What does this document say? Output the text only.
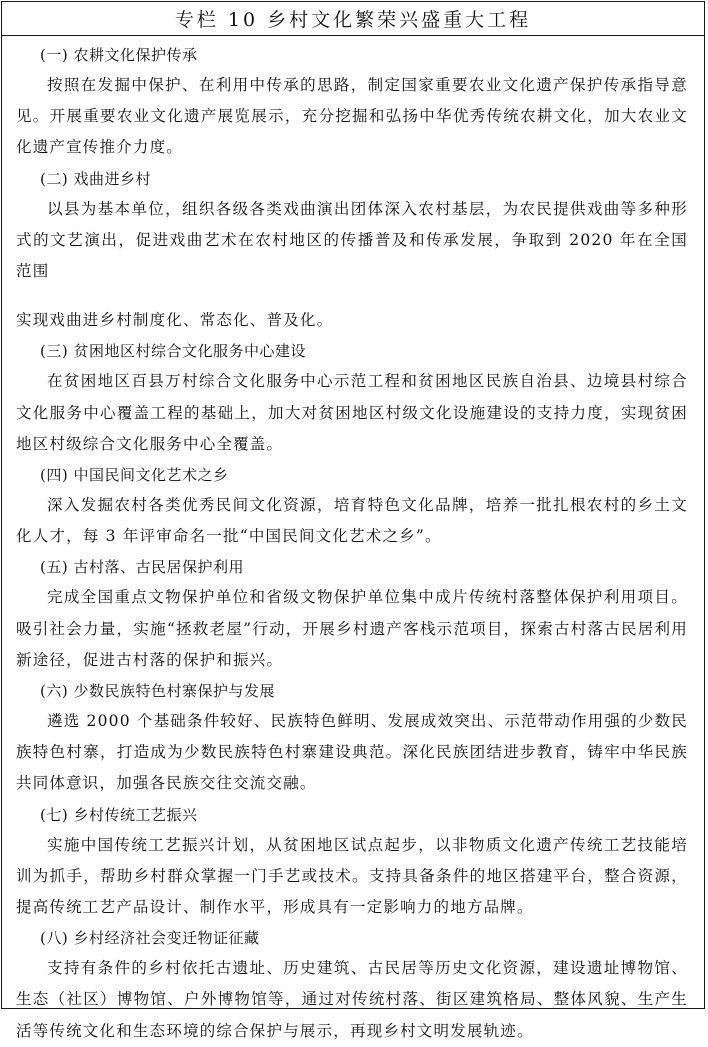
专栏 10 乡村文化繁荣兴盛重大工程
(一) 农耕文化保护传承

按照在发掘中保护、在利用中传承的思路，制定国家重要农业文化遗产保护传承指导意见。开展重要农业文化遗产展览展示，充分挖掘和弘扬中华优秀传统农耕文化，加大农业文化遗产宣传推介力度。

(二) 戏曲进乡村

以县为基本单位，组织各级各类戏曲演出团体深入农村基层，为农民提供戏曲等多种形式的文艺演出，促进戏曲艺术在农村地区的传播普及和传承发展，争取到 2020 年在全国范围

实现戏曲进乡村制度化、常态化、普及化。

(三) 贫困地区村综合文化服务中心建设

在贫困地区百县万村综合文化服务中心示范工程和贫困地区民族自治县、边境县村综合文化服务中心覆盖工程的基础上，加大对贫困地区村级文化设施建设的支持力度，实现贫困地区村级综合文化服务中心全覆盖。

(四) 中国民间文化艺术之乡

深入发掘农村各类优秀民间文化资源，培育特色文化品牌，培养一批扎根农村的乡土文化人才，每 3 年评审命名一批“中国民间文化艺术之乡”。

(五) 古村落、古民居保护利用

完成全国重点文物保护单位和省级文物保护单位集中成片传统村落整体保护利用项目。吸引社会力量，实施“拯救老屋”行动，开展乡村遗产客栈示范项目，探索古村落古民居利用新途径，促进古村落的保护和振兴。

(六) 少数民族特色村寨保护与发展

遴选 2000 个基础条件较好、民族特色鲜明、发展成效突出、示范带动作用强的少数民族特色村寨，打造成为少数民族特色村寨建设典范。深化民族团结进步教育，铸牢中华民族共同体意识，加强各民族交往交流交融。

(七) 乡村传统工艺振兴

实施中国传统工艺振兴计划，从贫困地区试点起步，以非物质文化遗产传统工艺技能培训为抓手，帮助乡村群众掌握一门手艺或技术。支持具备条件的地区搭建平台，整合资源，提高传统工艺产品设计、制作水平，形成具有一定影响力的地方品牌。

(八) 乡村经济社会变迁物证征藏

支持有条件的乡村依托古遗址、历史建筑、古民居等历史文化资源，建设遗址博物馆、生态（社区）博物馆、户外博物馆等，通过对传统村落、街区建筑格局、整体风貌、生产生活等传统文化和生态环境的综合保护与展示，再现乡村文明发展轨迹。
